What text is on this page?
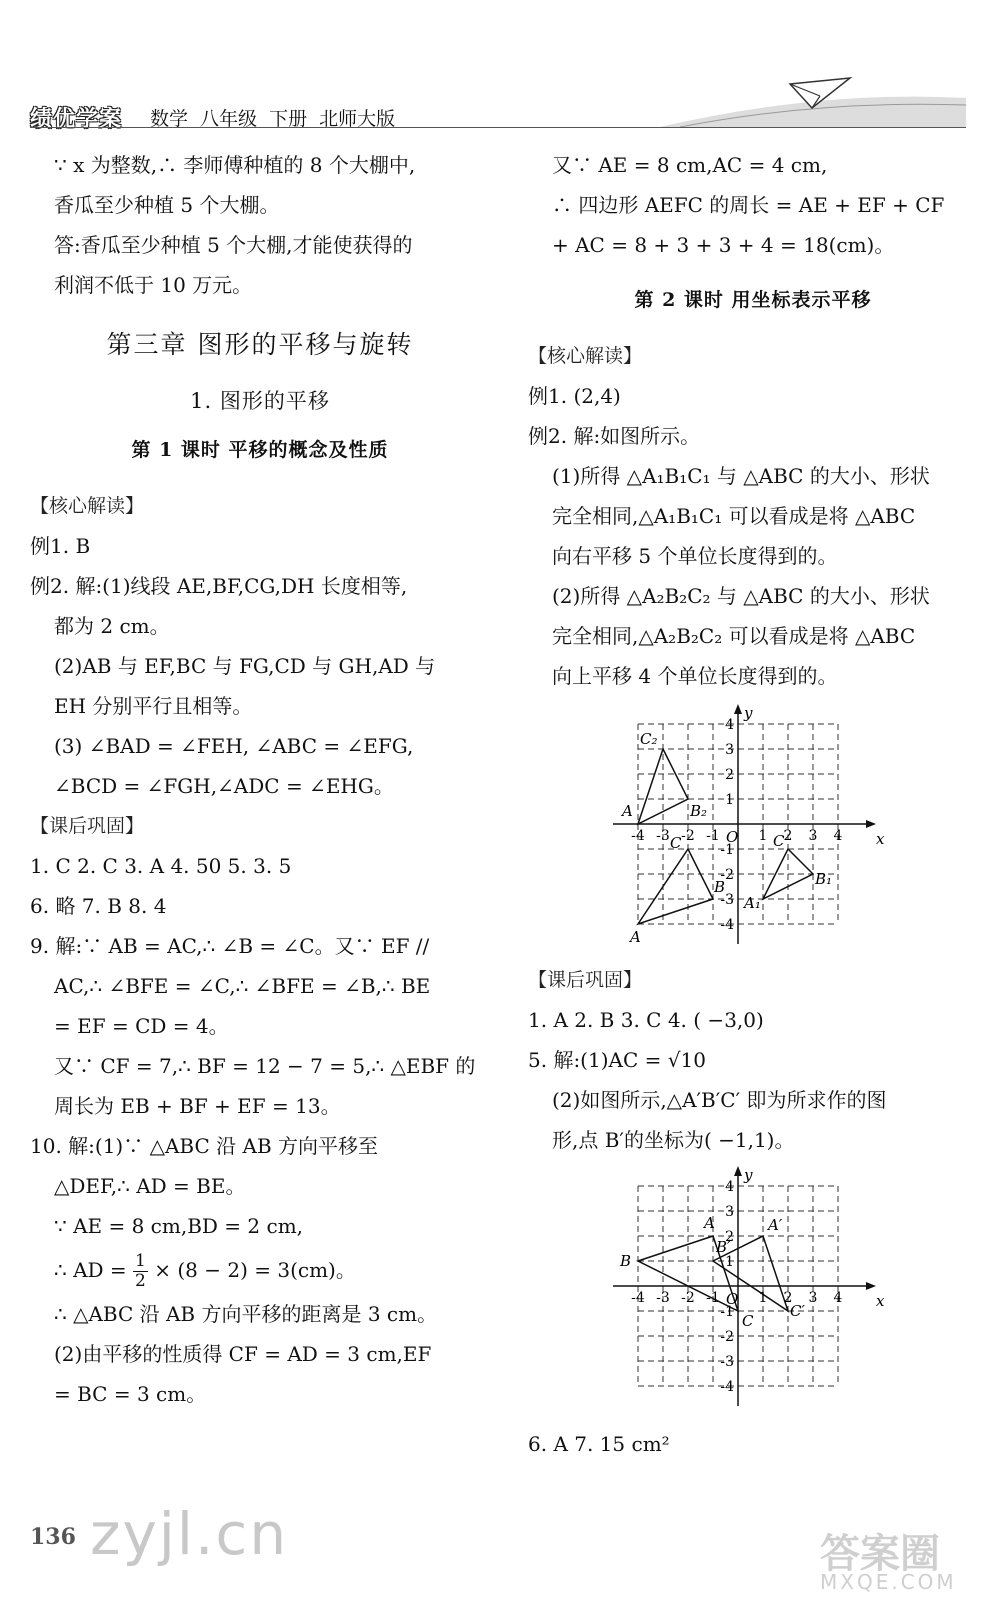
绩优学案 数学 八年级 下册 北师大版

∵ x 为整数,∴ 李师傅种植的 8 个大棚中,

香瓜至少种植 5 个大棚。

答:香瓜至少种植 5 个大棚,才能使获得的

利润不低于 10 万元。

第三章 图形的平移与旋转
1. 图形的平移
第 1 课时 平移的概念及性质
【核心解读】

例1. B

例2. 解:(1)线段 AE,BF,CG,DH 长度相等,

都为 2 cm。

(2)AB 与 EF,BC 与 FG,CD 与 GH,AD 与

EH 分别平行且相等。

(3) ∠BAD = ∠FEH, ∠ABC = ∠EFG,

∠BCD = ∠FGH,∠ADC = ∠EHG。

【课后巩固】

1. C 2. C 3. A 4. 50 5. 3. 5

6. 略 7. B 8. 4

9. 解:∵ AB = AC,∴ ∠B = ∠C。又∵ EF //

AC,∴ ∠BFE = ∠C,∴ ∠BFE = ∠B,∴ BE

= EF = CD = 4。

又∵ CF = 7,∴ BF = 12 − 7 = 5,∴ △EBF 的

周长为 EB + BF + EF = 13。

10. 解:(1)∵ △ABC 沿 AB 方向平移至

△DEF,∴ AD = BE。

∵ AE = 8 cm,BD = 2 cm,

∴ AD = $\frac{1}{2} \times (8 - 2) = 3(cm)$。

∴ △ABC 沿 AB 方向平移的距离是 3 cm。

(2)由平移的性质得 CF = AD = 3 cm,EF

= BC = 3 cm。

又∵ AE = 8 cm,AC = 4 cm,

∴ 四边形 AEFC 的周长 = AE + EF + CF

+ AC = 8 + 3 + 3 + 4 = 18(cm)。

第 2 课时 用坐标表示平移
【核心解读】

例1. (2,4)

例2. 解:如图所示。

(1)所得 △A₁B₁C₁ 与 △ABC 的大小、形状

完全相同,△A₁B₁C₁ 可以看成是将 △ABC

向右平移 5 个单位长度得到的。

(2)所得 △A₂B₂C₂ 与 △ABC 的大小、形状

完全相同,△A₂B₂C₂ 可以看成是将 △ABC

向上平移 4 个单位长度得到的。

x
y
O
A
B
C
A₁
B₁
C
A	B₂
C₂
-4 -3 -2 -1	1 2 3 4
4
3
2
1
-1
-2
-3
-4
【课后巩固】

1. A 2. B 3. C 4. ( −3,0)

5. 解:(1)AC = √10

(2)如图所示,△A′B′C′ 即为所求作的图

形,点 B′的坐标为( −1,1)。

x
y
O
B
A
C
A′
B′
C′
-4 -3 -2 -1	1 2 3 4
4
3
2
1
-1
-2
-3
-4

6. A 7. 15 cm²

136 zyjl.cn	答案圈
MXQE.COM
